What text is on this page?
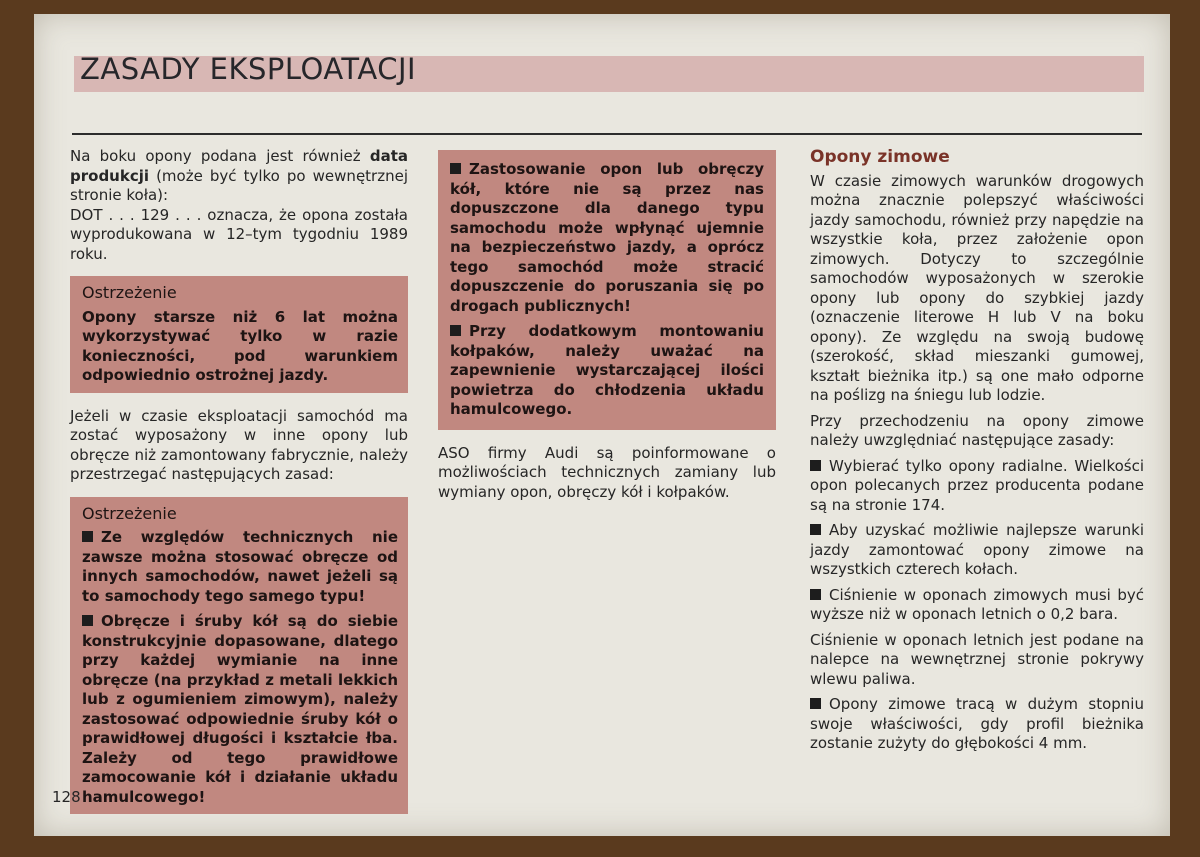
ZASADY EKSPLOATACJI

Na boku opony podana jest również data produkcji (może być tylko po wewnętrznej stronie koła):

DOT . . . 129 . . . oznacza, że opona została wyprodukowana w 12–tym tygodniu 1989 roku.

Ostrzeżenie

Opony starsze niż 6 lat można wykorzystywać tylko w razie konieczności, pod warunkiem odpowiednio ostrożnej jazdy.

Jeżeli w czasie eksploatacji samochód ma zostać wyposażony w inne opony lub obręcze niż zamontowany fabrycznie, należy przestrzegać następujących zasad:

Ostrzeżenie

Ze względów technicznych nie zawsze można stosować obręcze od innych samochodów, nawet jeżeli są to samochody tego samego typu!

Obręcze i śruby kół są do siebie konstrukcyjnie dopasowane, dlatego przy każdej wymianie na inne obręcze (na przykład z metali lekkich lub z ogumieniem zimowym), należy zastosować odpowiednie śruby kół o prawidłowej długości i kształcie łba. Zależy od tego prawidłowe zamocowanie kół i działanie układu hamulcowego!

Zastosowanie opon lub obręczy kół, które nie są przez nas dopuszczone dla danego typu samochodu może wpłynąć ujemnie na bezpieczeństwo jazdy, a oprócz tego samochód może stracić dopuszczenie do poruszania się po drogach publicznych!

Przy dodatkowym montowaniu kołpaków, należy uważać na zapewnienie wystarczającej ilości powietrza do chłodzenia układu hamulcowego.

ASO firmy Audi są poinformowane o możliwościach technicznych zamiany lub wymiany opon, obręczy kół i kołpaków.

Opony zimowe

W czasie zimowych warunków drogowych można znacznie polepszyć właściwości jazdy samochodu, również przy napędzie na wszystkie koła, przez założenie opon zimowych. Dotyczy to szczególnie samochodów wyposażonych w szerokie opony lub opony do szybkiej jazdy (oznaczenie literowe H lub V na boku opony). Ze względu na swoją budowę (szerokość, skład mieszanki gumowej, kształt bieżnika itp.) są one mało odporne na poślizg na śniegu lub lodzie.

Przy przechodzeniu na opony zimowe należy uwzględniać następujące zasady:

Wybierać tylko opony radialne. Wielkości opon polecanych przez producenta podane są na stronie 174.

Aby uzyskać możliwie najlepsze warunki jazdy zamontować opony zimowe na wszystkich czterech kołach.

Ciśnienie w oponach zimowych musi być wyższe niż w oponach letnich o 0,2 bara.

Ciśnienie w oponach letnich jest podane na nalepce na wewnętrznej stronie pokrywy wlewu paliwa.

Opony zimowe tracą w dużym stopniu swoje właściwości, gdy profil bieżnika zostanie zużyty do głębokości 4 mm.

128
